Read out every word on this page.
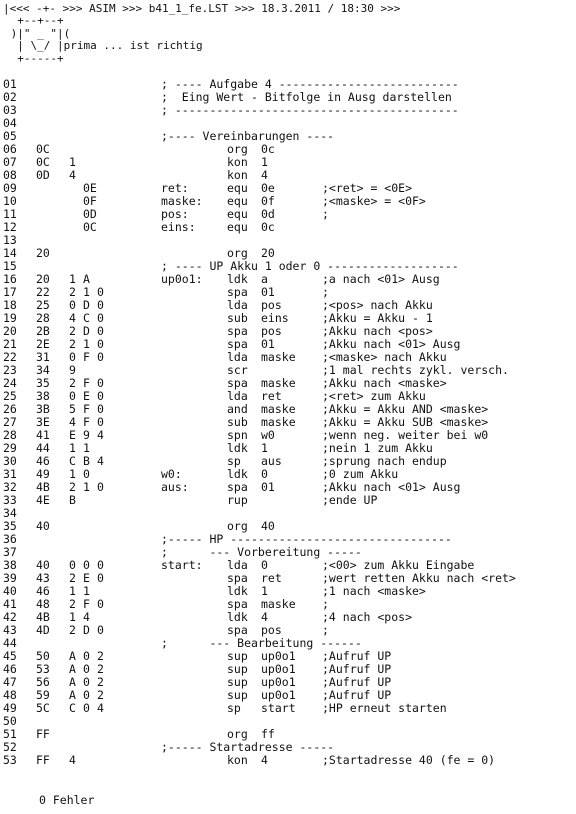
|<<< -+- >>> ASIM >>> b41_1_fe.LST >>> 18.3.2011 / 18:30 >>>
+--+--+
)|" _ "|(
| \_/ |prima ... ist richtig
+-----+
01	; ---- Aufgabe 4 --------------------------
02	;  Eing Wert - Bitfolge in Ausg darstellen
03	; -----------------------------------------
04
05	;---- Vereinbarungen ----
06 0C	org 0c
07 0C 1	kon 1
08 0D 4	kon 4
09	0E	ret:	equ 0e	;<ret> = <0E>
10	0F	maske: equ 0f	;<maske> = <0F>
11	0D	pos:	equ 0d	;
12	0C	eins:	equ 0c
13
14 20	org 20
15	; ---- UP Akku 1 oder 0 -------------------
16 20 1 A	up0o1: ldk a	;a nach <01> Ausg
17 22 2 1 0	spa 01	;
18 25 0 D 0	lda pos	;<pos> nach Akku
19 28 4 C 0	sub eins	;Akku = Akku - 1
20 2B 2 D 0	spa pos	;Akku nach <pos>
21 2E 2 1 0	spa 01	;Akku nach <01> Ausg
22 31 0 F 0	lda maske ;<maske> nach Akku
23 34 9	scr	;1 mal rechts zykl. versch.
24 35 2 F 0	spa maske ;Akku nach <maske>
25 38 0 E 0	lda ret	;<ret> zum Akku
26 3B 5 F 0	and maske ;Akku = Akku AND <maske>
27 3E 4 F 0	sub maske ;Akku = Akku SUB <maske>
28 41 E 9 4	spn w0	;wenn neg. weiter bei w0
29 44 1 1	ldk 1	;nein 1 zum Akku
30 46 C B 4	sp aus	;sprung nach endup
31 49 1 0	w0:	ldk 0	;0 zum Akku
32 4B 2 1 0	aus:	spa 01	;Akku nach <01> Ausg
33 4E B	rup	;ende UP
34
35 40	org 40
36	;----- HP --------------------------------
37	;      --- Vorbereitung -----
38 40 0 0 0	start: lda 0	;<00> zum Akku Eingabe
39 43 2 E 0	spa ret	;wert retten Akku nach <ret>
40 46 1 1	ldk 1	;1 nach <maske>
41 48 2 F 0	spa maske ;
42 4B 1 4	ldk 4	;4 nach <pos>
43 4D 2 D 0	spa pos	;
44	;      --- Bearbeitung ------
45 50 A 0 2	sup up0o1 ;Aufruf UP
46 53 A 0 2	sup up0o1 ;Aufruf UP
47 56 A 0 2	sup up0o1 ;Aufruf UP
48 59 A 0 2	sup up0o1 ;Aufruf UP
49 5C C 0 4	sp start ;HP erneut starten
50
51 FF	org ff
52	;----- Startadresse -----
53 FF 4	kon 4	;Startadresse 40 (fe = 0)
0 Fehler
